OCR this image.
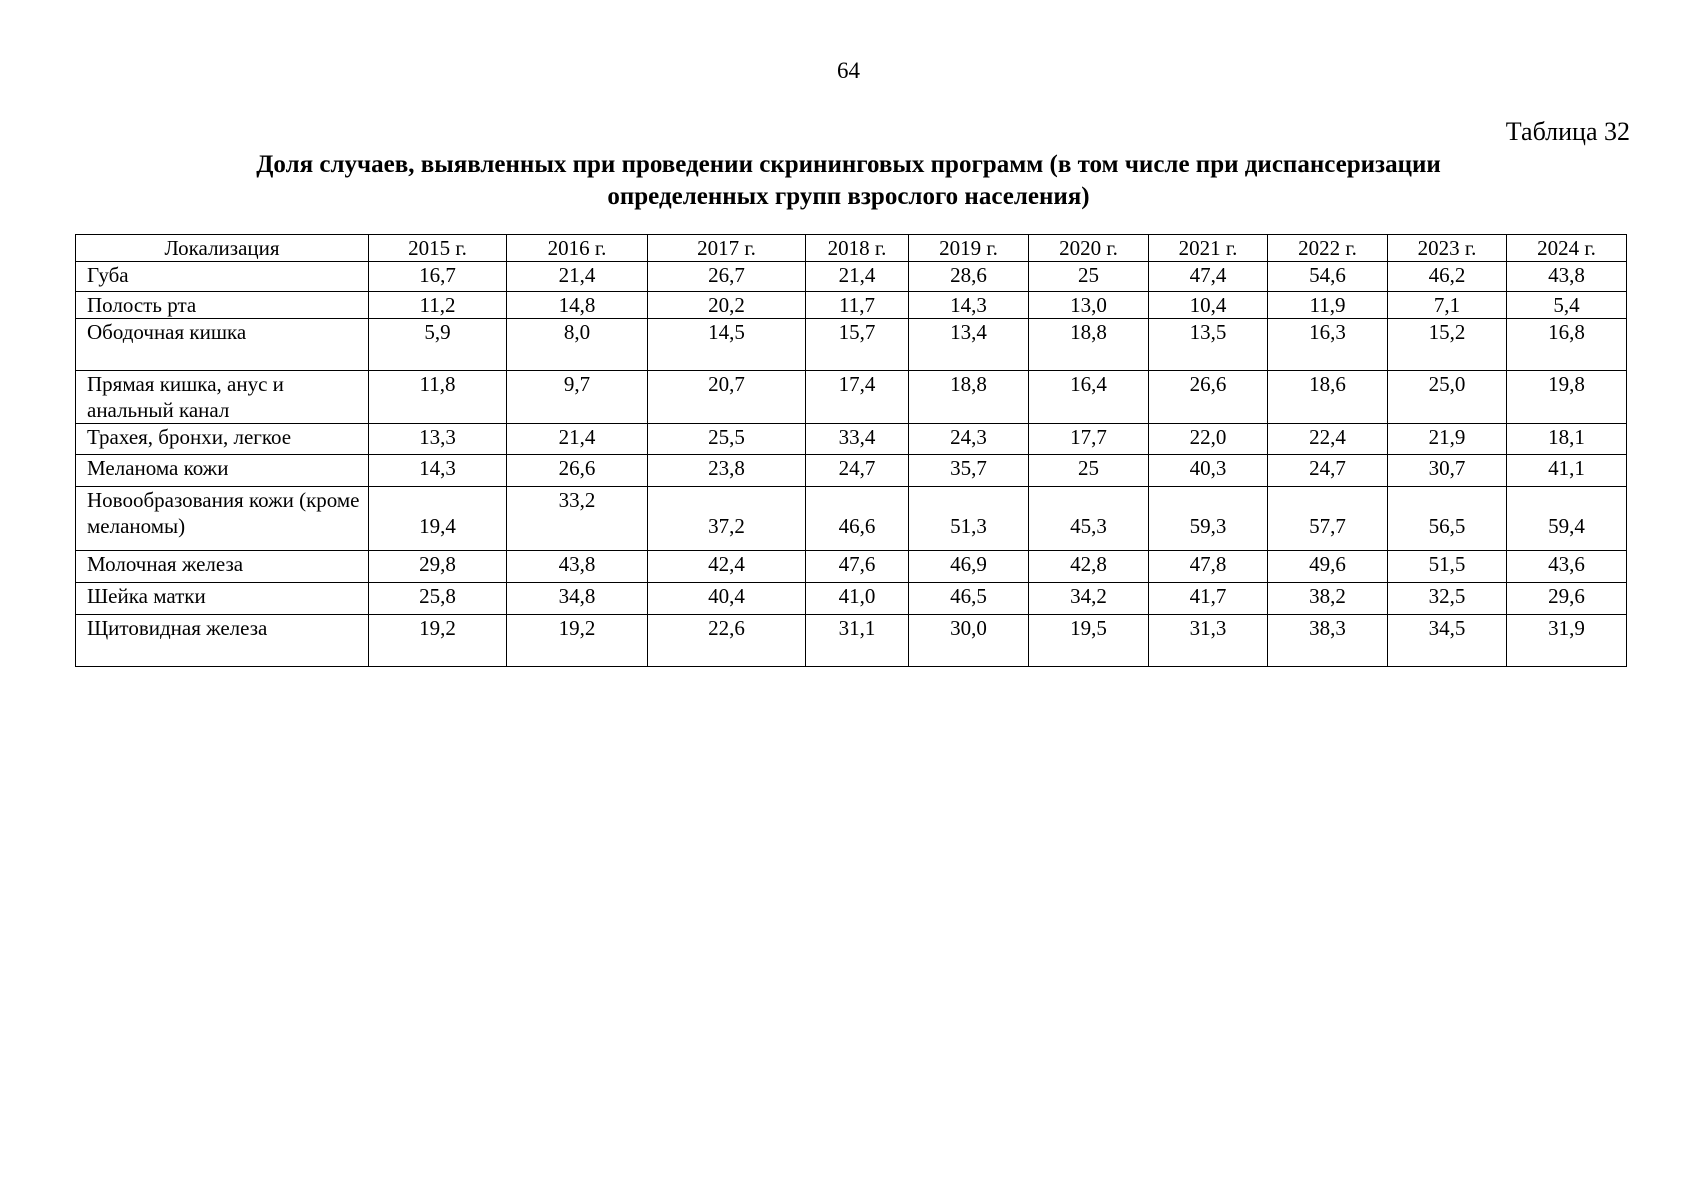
64
Таблица 32
Доля случаев, выявленных при проведении скрининговых программ (в том числе при диспансеризации
определенных групп взрослого населения)
Локализация	2015 г.	2016 г.	2017 г.	2018 г.	2019 г.	2020 г.	2021 г.	2022 г.	2023 г.	2024 г.
Губа	16,7	21,4	26,7	21,4	28,6	25	47,4	54,6	46,2	43,8
Полость рта	11,2	14,8	20,2	11,7	14,3	13,0	10,4	11,9	7,1	5,4
Ободочная кишка	5,9	8,0	14,5	15,7	13,4	18,8	13,5	16,3	15,2	16,8
Прямая кишка, анус и анальный канал	11,8	9,7	20,7	17,4	18,8	16,4	26,6	18,6	25,0	19,8
Трахея, бронхи, легкое	13,3	21,4	25,5	33,4	24,3	17,7	22,0	22,4	21,9	18,1
Меланома кожи	14,3	26,6	23,8	24,7	35,7	25	40,3	24,7	30,7	41,1
Новообразования кожи (кроме меланомы)	19,4	33,2	37,2	46,6	51,3	45,3	59,3	57,7	56,5	59,4
Молочная железа	29,8	43,8	42,4	47,6	46,9	42,8	47,8	49,6	51,5	43,6
Шейка матки	25,8	34,8	40,4	41,0	46,5	34,2	41,7	38,2	32,5	29,6
Щитовидная железа	19,2	19,2	22,6	31,1	30,0	19,5	31,3	38,3	34,5	31,9
